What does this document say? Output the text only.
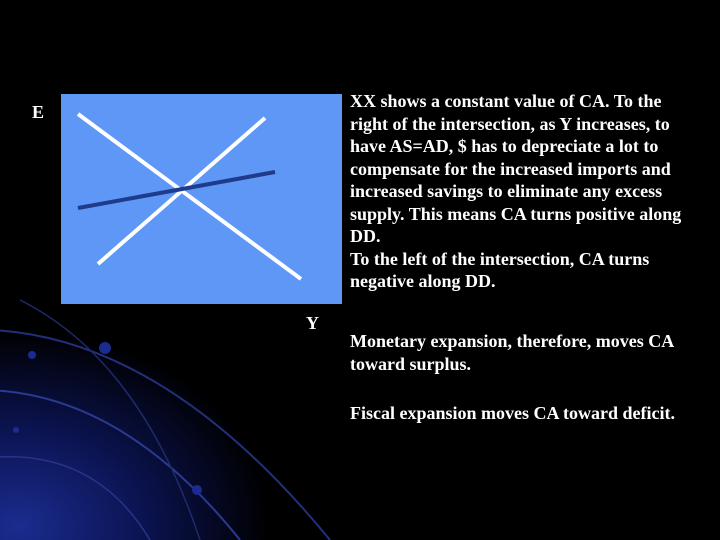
E
Y

XX shows a constant value of CA. To the right of the intersection, as Y increases, to have AS=AD, $ has to depreciate a lot to compensate for the increased imports and increased savings to eliminate any excess supply. This means CA turns positive along DD.
To the left of the intersection, CA turns negative along DD.

Monetary expansion, therefore, moves CA toward surplus.

Fiscal expansion moves CA toward deficit.
